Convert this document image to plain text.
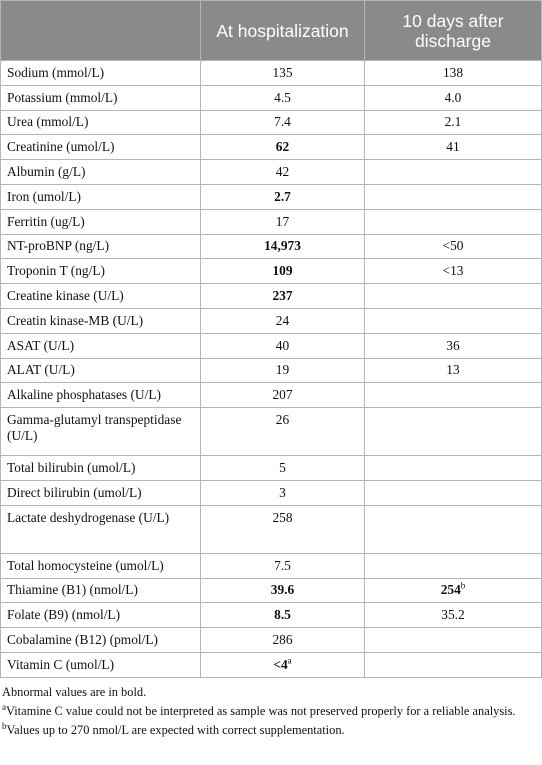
	At hospitalization	10 days after discharge
Sodium (mmol/L)	135	138
Potassium (mmol/L)	4.5	4.0
Urea (mmol/L)	7.4	2.1
Creatinine (umol/L)	62	41
Albumin (g/L)	42	
Iron (umol/L)	2.7	
Ferritin (ug/L)	17	
NT-proBNP (ng/L)	14,973	<50
Troponin T (ng/L)	109	<13
Creatine kinase (U/L)	237	
Creatin kinase-MB (U/L)	24	
ASAT (U/L)	40	36
ALAT (U/L)	19	13
Alkaline phosphatases (U/L)	207	
Gamma-glutamyl transpeptidase (U/L)	26	
Total bilirubin (umol/L)	5	
Direct bilirubin (umol/L)	3	
Lactate deshydrogenase (U/L)	258	
Total homocysteine (umol/L)	7.5	
Thiamine (B1) (nmol/L)	39.6	254$^b$
Folate (B9) (nmol/L)	8.5	35.2
Cobalamine (B12) (pmol/L)	286	
Vitamin C (umol/L)	$<4^a$	

Abnormal values are in bold.

$^a$Vitamine C value could not be interpreted as sample was not preserved properly for a reliable analysis.

$^b$Values up to 270 nmol/L are expected with correct supplementation.
